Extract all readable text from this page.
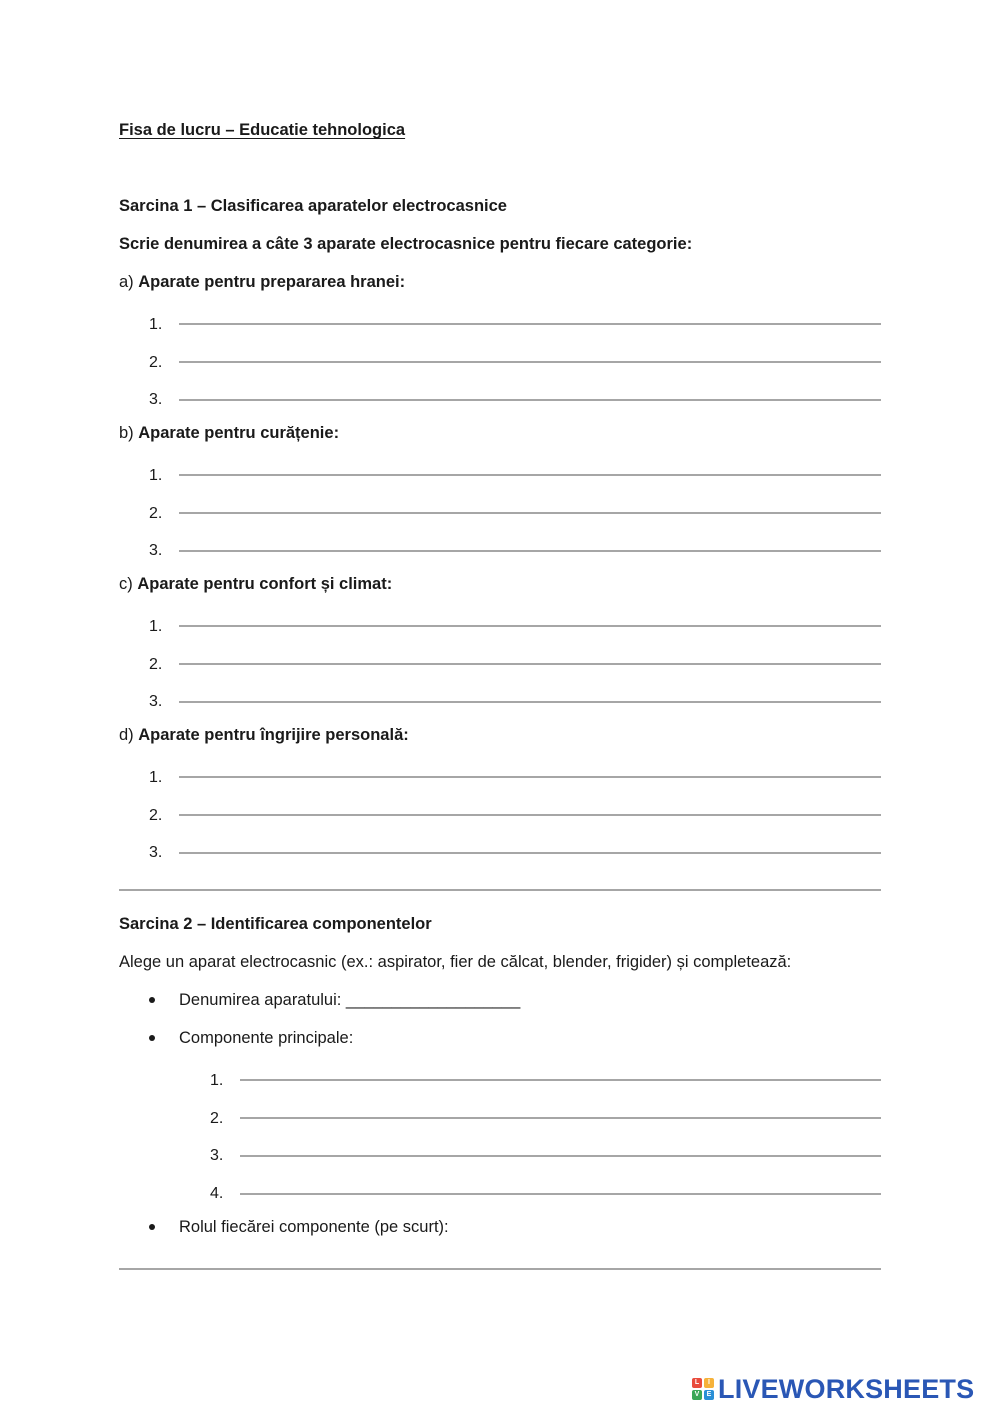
Fisa de lucru – Educatie tehnologica
Sarcina 1 – Clasificarea aparatelor electrocasnice
Scrie denumirea a câte 3 aparate electrocasnice pentru fiecare categorie:
a) Aparate pentru prepararea hranei:
1.
2.
3.
b) Aparate pentru curățenie:
1.
2.
3.
c) Aparate pentru confort și climat:
1.
2.
3.
d) Aparate pentru îngrijire personală:
1.
2.
3.
Sarcina 2 – Identificarea componentelor
Alege un aparat electrocasnic (ex.: aspirator, fier de călcat, blender, frigider) și completează:
Denumirea aparatului: ___________________
Componente principale:
1.
2.
3.
4.
Rolul fiecărei componente (pe scurt):
L	I
V	E LIVEWORKSHEETS
